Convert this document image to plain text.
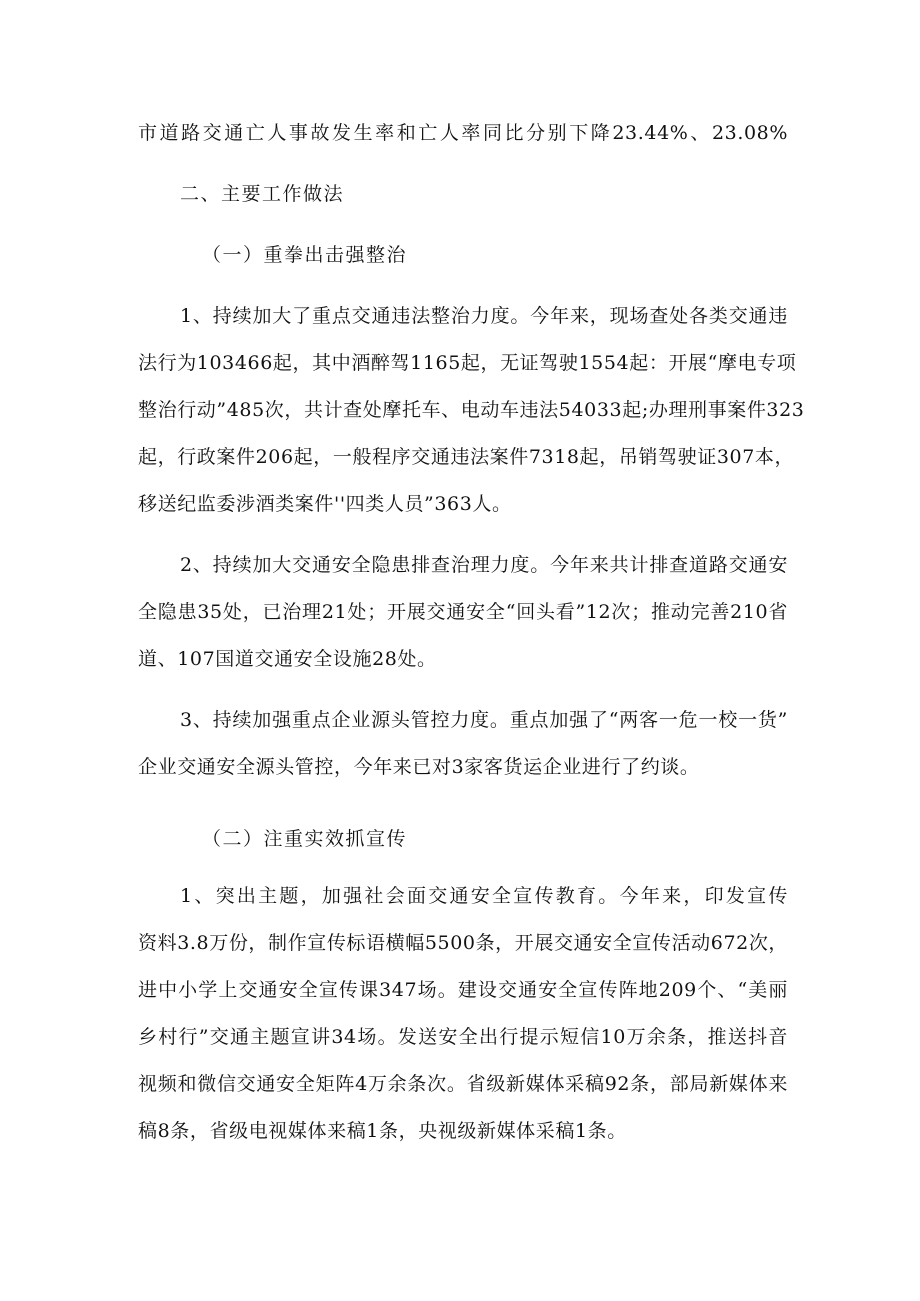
市道路交通亡人事故发生率和亡人率同比分别下降23.44%、23.08%

二、主要工作做法

（一）重拳出击强整治

1、持续加大了重点交通违法整治力度。今年来，现场查处各类交通违

法行为103466起，其中酒醉驾1165起，无证驾驶1554起：开展“摩电专项

整治行动”485次，共计查处摩托车、电动车违法54033起;办理刑事案件323

起，行政案件206起，一般程序交通违法案件7318起，吊销驾驶证307本，

移送纪监委涉酒类案件''四类人员”363人。

2、持续加大交通安全隐患排查治理力度。今年来共计排查道路交通安

全隐患35处，已治理21处；开展交通安全“回头看”12次；推动完善210省

道、107国道交通安全设施28处。

3、持续加强重点企业源头管控力度。重点加强了“两客一危一校一货”

企业交通安全源头管控，今年来已对3家客货运企业进行了约谈。

（二）注重实效抓宣传

1、突出主题，加强社会面交通安全宣传教育。今年来，印发宣传

资料3.8万份，制作宣传标语横幅5500条，开展交通安全宣传活动672次，

进中小学上交通安全宣传课347场。建设交通安全宣传阵地209个、“美丽

乡村行”交通主题宣讲34场。发送安全出行提示短信10万余条，推送抖音

视频和微信交通安全矩阵4万余条次。省级新媒体采稿92条，部局新媒体来

稿8条，省级电视媒体来稿1条，央视级新媒体采稿1条。
